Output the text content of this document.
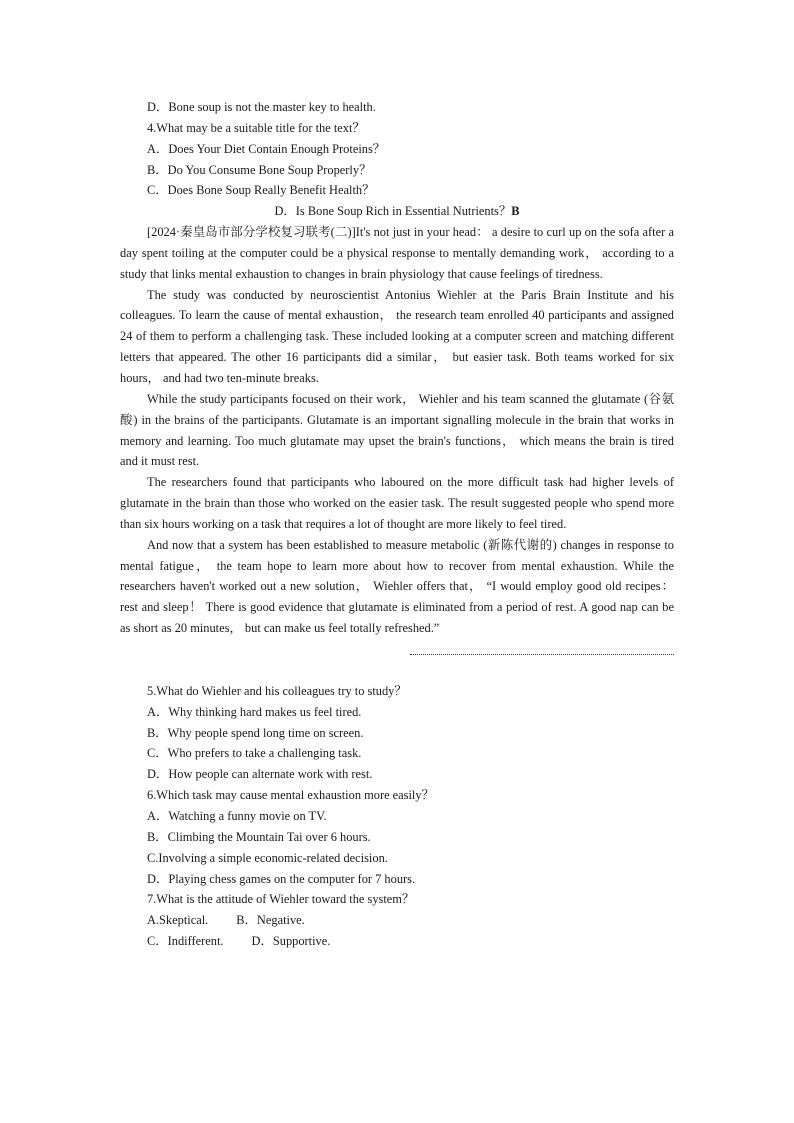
D．Bone soup is not the master key to health.
4.What may be a suitable title for the text？
A．Does Your Diet Contain Enough Proteins？
B．Do You Consume Bone Soup Properly？
C．Does Bone Soup Really Benefit Health？
D．Is Bone Soup Rich in Essential Nutrients？B
[2024·秦皇岛市部分学校复习联考(二)]It's not just in your head： a desire to curl up on the sofa after a day spent toiling at the computer could be a physical response to mentally demanding work， according to a study that links mental exhaustion to changes in brain physiology that cause feelings of tiredness.
The study was conducted by neuroscientist Antonius Wiehler at the Paris Brain Institute and his colleagues. To learn the cause of mental exhaustion， the research team enrolled 40 participants and assigned 24 of them to perform a challenging task. These included looking at a computer screen and matching different letters that appeared. The other 16 participants did a similar， but easier task. Both teams worked for six hours， and had two ten-minute breaks.
While the study participants focused on their work， Wiehler and his team scanned the glutamate (谷氨酸) in the brains of the participants. Glutamate is an important signalling molecule in the brain that works in memory and learning. Too much glutamate may upset the brain's functions， which means the brain is tired and it must rest.
The researchers found that participants who laboured on the more difficult task had higher levels of glutamate in the brain than those who worked on the easier task. The result suggested people who spend more than six hours working on a task that requires a lot of thought are more likely to feel tired.
And now that a system has been established to measure metabolic (新陈代谢的) changes in response to mental fatigue， the team hope to learn more about how to recover from mental exhaustion. While the researchers haven't worked out a new solution， Wiehler offers that， “I would employ good old recipes： rest and sleep！ There is good evidence that glutamate is eliminated from a period of rest. A good nap can be as short as 20 minutes， but can make us feel totally refreshed.”
5.What do Wiehler and his colleagues try to study？
A．Why thinking hard makes us feel tired.
B．Why people spend long time on screen.
C．Who prefers to take a challenging task.
D．How people can alternate work with rest.
6.Which task may cause mental exhaustion more easily？
A．Watching a funny movie on TV.
B．Climbing the Mountain Tai over 6 hours.
C.Involving a simple economic-related decision.
D．Playing chess games on the computer for 7 hours.
7.What is the attitude of Wiehler toward the system？
A.Skeptical. B．Negative.
C．Indifferent. D．Supportive.
